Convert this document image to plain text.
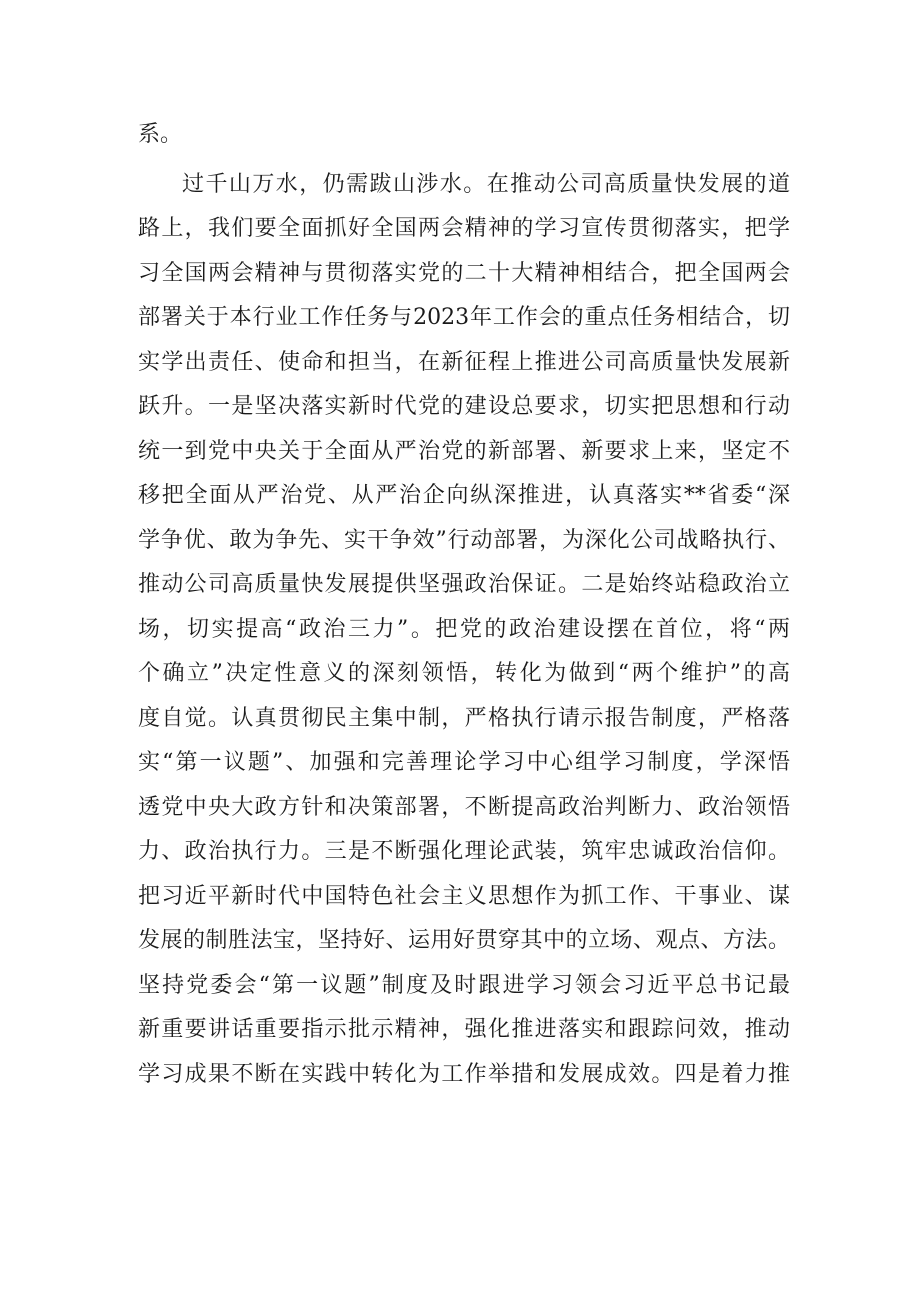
系。
过千山万水，仍需跋山涉水。在推动公司高质量快发展的道
路上，我们要全面抓好全国两会精神的学习宣传贯彻落实，把学
习全国两会精神与贯彻落实党的二十大精神相结合，把全国两会
部署关于本行业工作任务与2023年工作会的重点任务相结合，切
实学出责任、使命和担当，在新征程上推进公司高质量快发展新
跃升。一是坚决落实新时代党的建设总要求，切实把思想和行动
统一到党中央关于全面从严治党的新部署、新要求上来，坚定不
移把全面从严治党、从严治企向纵深推进，认真落实**省委“深
学争优、敢为争先、实干争效”行动部署，为深化公司战略执行、
推动公司高质量快发展提供坚强政治保证。二是始终站稳政治立
场，切实提高“政治三力”。把党的政治建设摆在首位，将“两
个确立”决定性意义的深刻领悟，转化为做到“两个维护”的高
度自觉。认真贯彻民主集中制，严格执行请示报告制度，严格落
实“第一议题”、加强和完善理论学习中心组学习制度，学深悟
透党中央大政方针和决策部署，不断提高政治判断力、政治领悟
力、政治执行力。三是不断强化理论武装，筑牢忠诚政治信仰。
把习近平新时代中国特色社会主义思想作为抓工作、干事业、谋
发展的制胜法宝，坚持好、运用好贯穿其中的立场、观点、方法。
坚持党委会“第一议题”制度及时跟进学习领会习近平总书记最
新重要讲话重要指示批示精神，强化推进落实和跟踪问效，推动
学习成果不断在实践中转化为工作举措和发展成效。四是着力推
